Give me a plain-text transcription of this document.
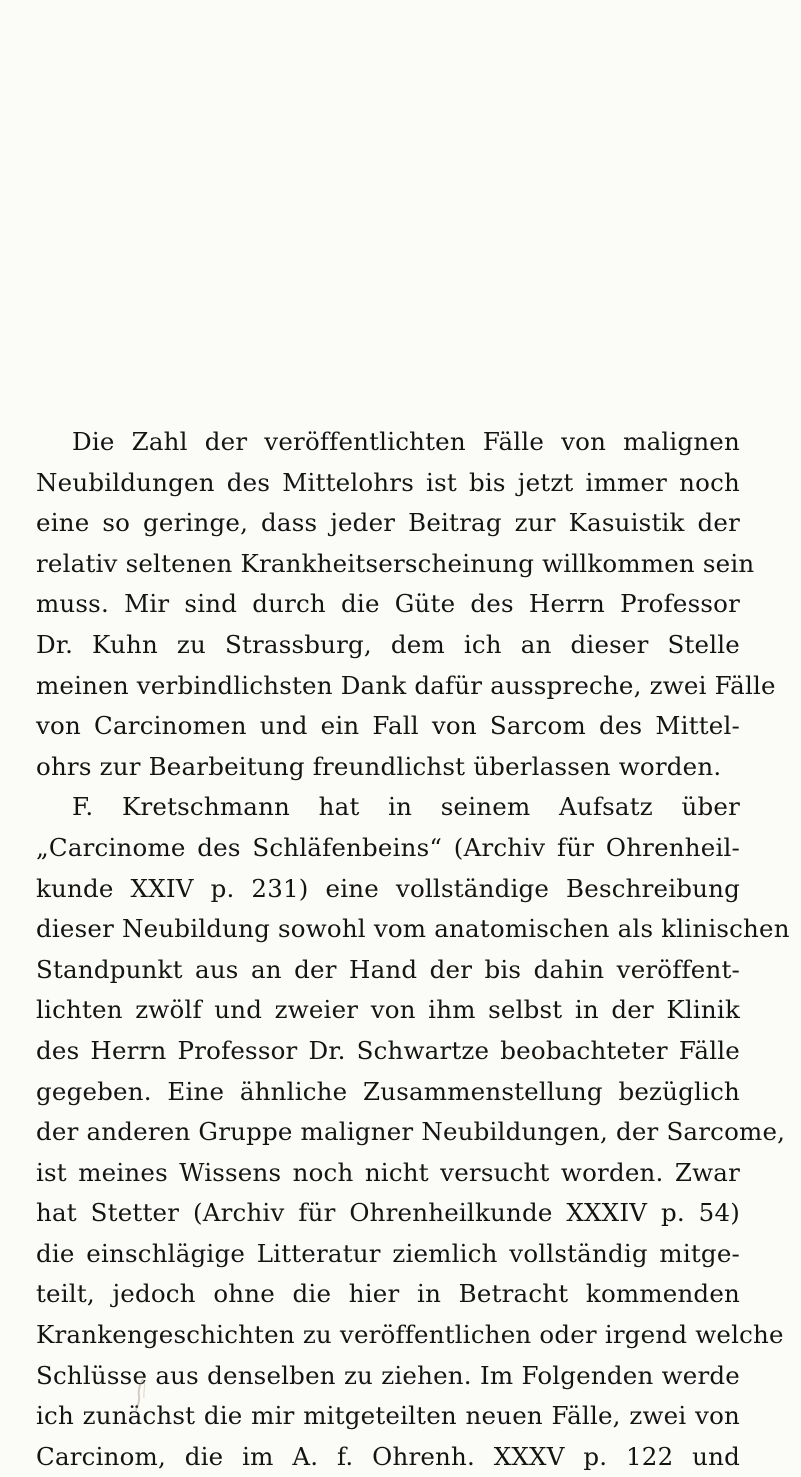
Die Zahl der veröffentlichten Fälle von malignen
Neubildungen des Mittelohrs ist bis jetzt immer noch
eine so geringe, dass jeder Beitrag zur Kasuistik der
relativ seltenen Krankheitserscheinung willkommen sein
muss. Mir sind durch die Güte des Herrn Professor
Dr. Kuhn zu Strassburg, dem ich an dieser Stelle
meinen verbindlichsten Dank dafür ausspreche, zwei Fälle
von Carcinomen und ein Fall von Sarcom des Mittel-
ohrs zur Bearbeitung freundlichst überlassen worden.
F. Kretschmann hat in seinem Aufsatz über
„Carcinome des Schläfenbeins“ (Archiv für Ohrenheil-
kunde XXIV p. 231) eine vollständige Beschreibung
dieser Neubildung sowohl vom anatomischen als klinischen
Standpunkt aus an der Hand der bis dahin veröffent-
lichten zwölf und zweier von ihm selbst in der Klinik
des Herrn Professor Dr. Schwartze beobachteter Fälle
gegeben. Eine ähnliche Zusammenstellung bezüglich
der anderen Gruppe maligner Neubildungen, der Sarcome,
ist meines Wissens noch nicht versucht worden. Zwar
hat Stetter (Archiv für Ohrenheilkunde XXXIV p. 54)
die einschlägige Litteratur ziemlich vollständig mitge-
teilt, jedoch ohne die hier in Betracht kommenden
Krankengeschichten zu veröffentlichen oder irgend welche
Schlüsse aus denselben zu ziehen. Im Folgenden werde
ich zunächst die mir mitgeteilten neuen Fälle, zwei von
Carcinom, die im A. f. Ohrenh. XXXV p. 122 und
